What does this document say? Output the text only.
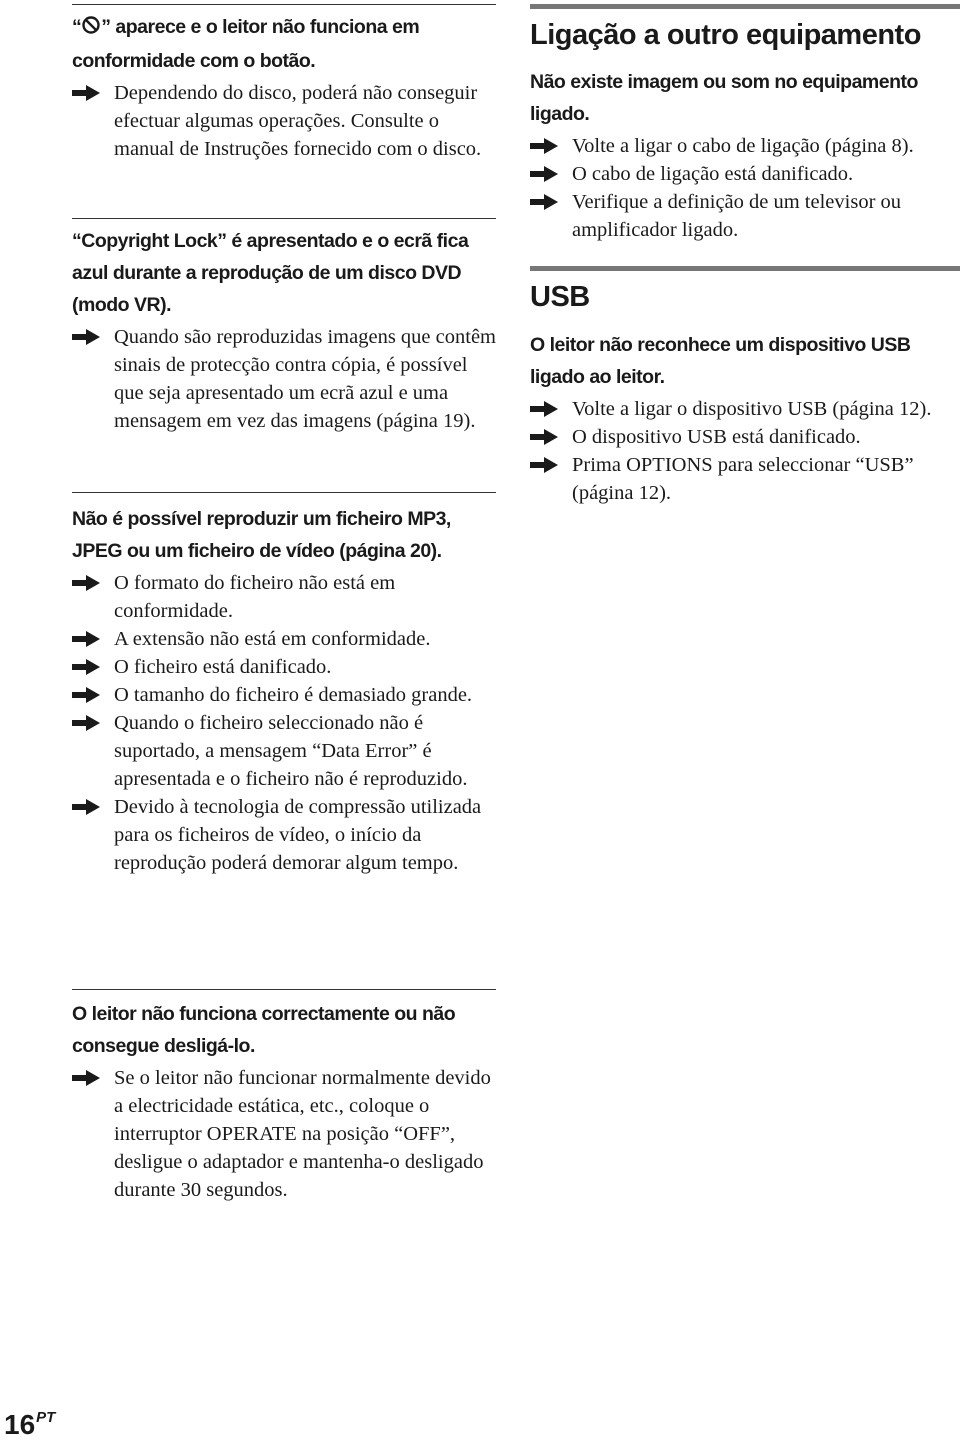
“ ” aparece e o leitor não funciona em conformidade com o botão.

Dependendo do disco, poderá não conseguir efectuar algumas operações. Consulte o manual de Instruções fornecido com o disco.

“Copyright Lock” é apresentado e o ecrã fica azul durante a reprodução de um disco DVD (modo VR).

Quando são reproduzidas imagens que contêm sinais de protecção contra cópia, é possível que seja apresentado um ecrã azul e uma mensagem em vez das imagens (página 19).

Não é possível reproduzir um ficheiro MP3, JPEG ou um ficheiro de vídeo (página 20).

O formato do ficheiro não está em conformidade.
A extensão não está em conformidade.
O ficheiro está danificado.
O tamanho do ficheiro é demasiado grande.
Quando o ficheiro seleccionado não é suportado, a mensagem “Data Error” é apresentada e o ficheiro não é reproduzido.
Devido à tecnologia de compressão utilizada para os ficheiros de vídeo, o início da reprodução poderá demorar algum tempo.

O leitor não funciona correctamente ou não consegue desligá-lo.

Se o leitor não funcionar normalmente devido a electricidade estática, etc., coloque o interruptor OPERATE na posição “OFF”, desligue o adaptador e mantenha-o desligado durante 30 segundos.
Ligação a outro equipamento

Não existe imagem ou som no equipamento ligado.

Volte a ligar o cabo de ligação (página 8).
O cabo de ligação está danificado.
Verifique a definição de um televisor ou amplificador ligado.
USB

O leitor não reconhece um dispositivo USB ligado ao leitor.

Volte a ligar o dispositivo USB (página 12).
O dispositivo USB está danificado.
Prima OPTIONS para seleccionar “USB” (página 12).
$16^{PT}$
